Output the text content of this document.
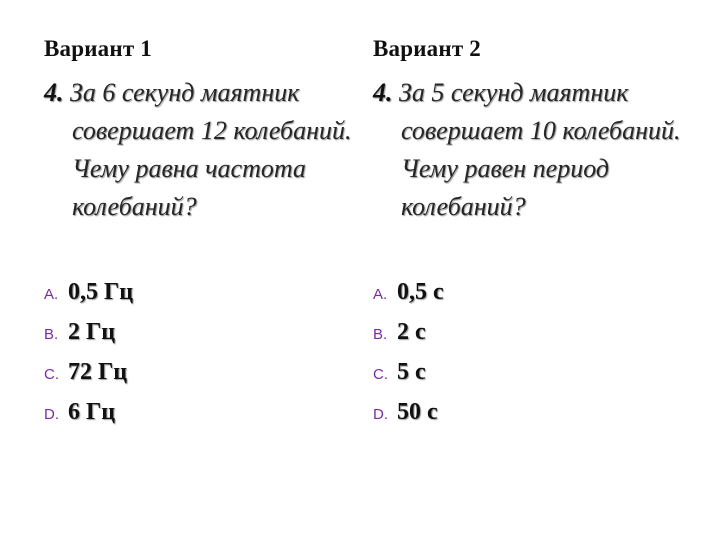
Вариант 1
4. За 6 секунд маятник
совершает 12 колебаний.
Чему равна частота
колебаний?
A. 0,5 Гц
B. 2 Гц
C. 72 Гц
D. 6 Гц
Вариант 2
4. За 5 секунд маятник
совершает 10 колебаний.
Чему равен период
колебаний?
A. 0,5 с
B. 2 с
C. 5 с
D. 50 с
